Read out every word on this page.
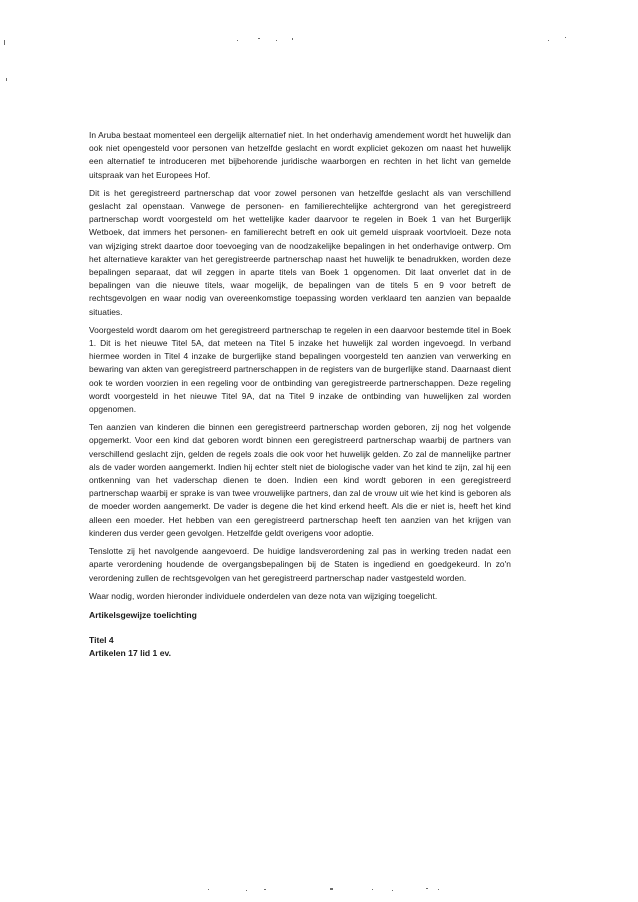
In Aruba bestaat momenteel een dergelijk alternatief niet. In het onderhavig amendement wordt het huwelijk dan ook niet opengesteld voor personen van hetzelfde geslacht en wordt expliciet gekozen om naast het huwelijk een alternatief te introduceren met bijbehorende juridische waarborgen en rechten in het licht van gemelde uitspraak van het Europees Hof.

Dit is het geregistreerd partnerschap dat voor zowel personen van hetzelfde geslacht als van verschillend geslacht zal openstaan. Vanwege de personen- en familierechtelijke achtergrond van het geregistreerd partnerschap wordt voorgesteld om het wettelijke kader daarvoor te regelen in Boek 1 van het Burgerlijk Wetboek, dat immers het personen- en familierecht betreft en ook uit gemeld uispraak voortvloeit. Deze nota van wijziging strekt daartoe door toevoeging van de noodzakelijke bepalingen in het onderhavige ontwerp. Om het alternatieve karakter van het geregistreerde partnerschap naast het huwelijk te benadrukken, worden deze bepalingen separaat, dat wil zeggen in aparte titels van Boek 1 opgenomen. Dit laat onverlet dat in de bepalingen van die nieuwe titels, waar mogelijk, de bepalingen van de titels 5 en 9 voor betreft de rechtsgevolgen en waar nodig van overeenkomstige toepassing worden verklaard ten aanzien van bepaalde situaties.

Voorgesteld wordt daarom om het geregistreerd partnerschap te regelen in een daarvoor bestemde titel in Boek 1. Dit is het nieuwe Titel 5A, dat meteen na Titel 5 inzake het huwelijk zal worden ingevoegd. In verband hiermee worden in Titel 4 inzake de burgerlijke stand bepalingen voorgesteld ten aanzien van verwerking en bewaring van akten van geregistreerd partnerschappen in de registers van de burgerlijke stand. Daarnaast dient ook te worden voorzien in een regeling voor de ontbinding van geregistreerde partnerschappen. Deze regeling wordt voorgesteld in het nieuwe Titel 9A, dat na Titel 9 inzake de ontbinding van huwelijken zal worden opgenomen.

Ten aanzien van kinderen die binnen een geregistreerd partnerschap worden geboren, zij nog het volgende opgemerkt. Voor een kind dat geboren wordt binnen een geregistreerd partnerschap waarbij de partners van verschillend geslacht zijn, gelden de regels zoals die ook voor het huwelijk gelden. Zo zal de mannelijke partner als de vader worden aangemerkt. Indien hij echter stelt niet de biologische vader van het kind te zijn, zal hij een ontkenning van het vaderschap dienen te doen. Indien een kind wordt geboren in een geregistreerd partnerschap waarbij er sprake is van twee vrouwelijke partners, dan zal de vrouw uit wie het kind is geboren als de moeder worden aangemerkt. De vader is degene die het kind erkend heeft. Als die er niet is, heeft het kind alleen een moeder. Het hebben van een geregistreerd partnerschap heeft ten aanzien van het krijgen van kinderen dus verder geen gevolgen. Hetzelfde geldt overigens voor adoptie.

Tenslotte zij het navolgende aangevoerd. De huidige landsverordening zal pas in werking treden nadat een aparte verordening houdende de overgangsbepalingen bij de Staten is ingediend en goedgekeurd. In zo'n verordening zullen de rechtsgevolgen van het geregistreerd partnerschap nader vastgesteld worden.

Waar nodig, worden hieronder individuele onderdelen van deze nota van wijziging toegelicht.

Artikelsgewijze toelichting

Titel 4

Artikelen 17 lid 1 ev.
